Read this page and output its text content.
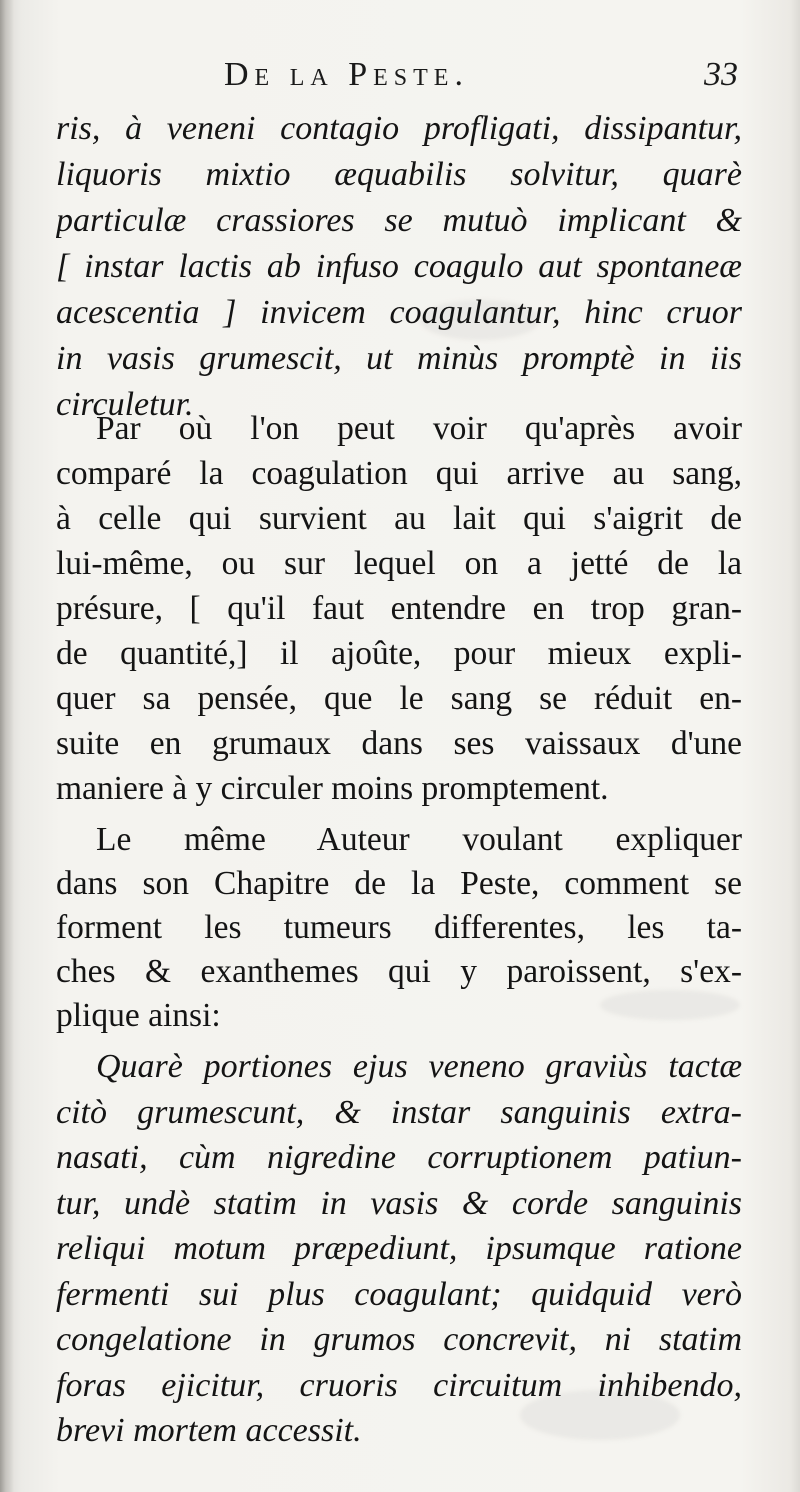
De la Peste.	33
ris, à veneni contagio profligati, dissipantur,
liquoris mixtio æquabilis solvitur, quarè
particulæ crassiores se mutuò implicant &
[ instar lactis ab infuso coagulo aut spontaneæ
acescentia ] invicem coagulantur, hinc cruor
in vasis grumescit, ut minùs promptè in iis
circuletur.
Par où l'on peut voir qu'après avoir
comparé la coagulation qui arrive au sang,
à celle qui survient au lait qui s'aigrit de
lui-même, ou sur lequel on a jetté de la
présure, [ qu'il faut entendre en trop gran-
de quantité,] il ajoûte, pour mieux expli-
quer sa pensée, que le sang se réduit en-
suite en grumaux dans ses vaissaux d'une
maniere à y circuler moins promptement.
Le même Auteur voulant expliquer
dans son Chapitre de la Peste, comment se
forment les tumeurs differentes, les ta-
ches & exanthemes qui y paroissent, s'ex-
plique ainsi:
Quarè portiones ejus veneno graviùs tactæ
citò grumescunt, & instar sanguinis extra-
nasati, cùm nigredine corruptionem patiun-
tur, undè statim in vasis & corde sanguinis
reliqui motum præpediunt, ipsumque ratione
fermenti sui plus coagulant; quidquid verò
congelatione in grumos concrevit, ni statim
foras ejicitur, cruoris circuitum inhibendo,
brevi mortem accessit.
